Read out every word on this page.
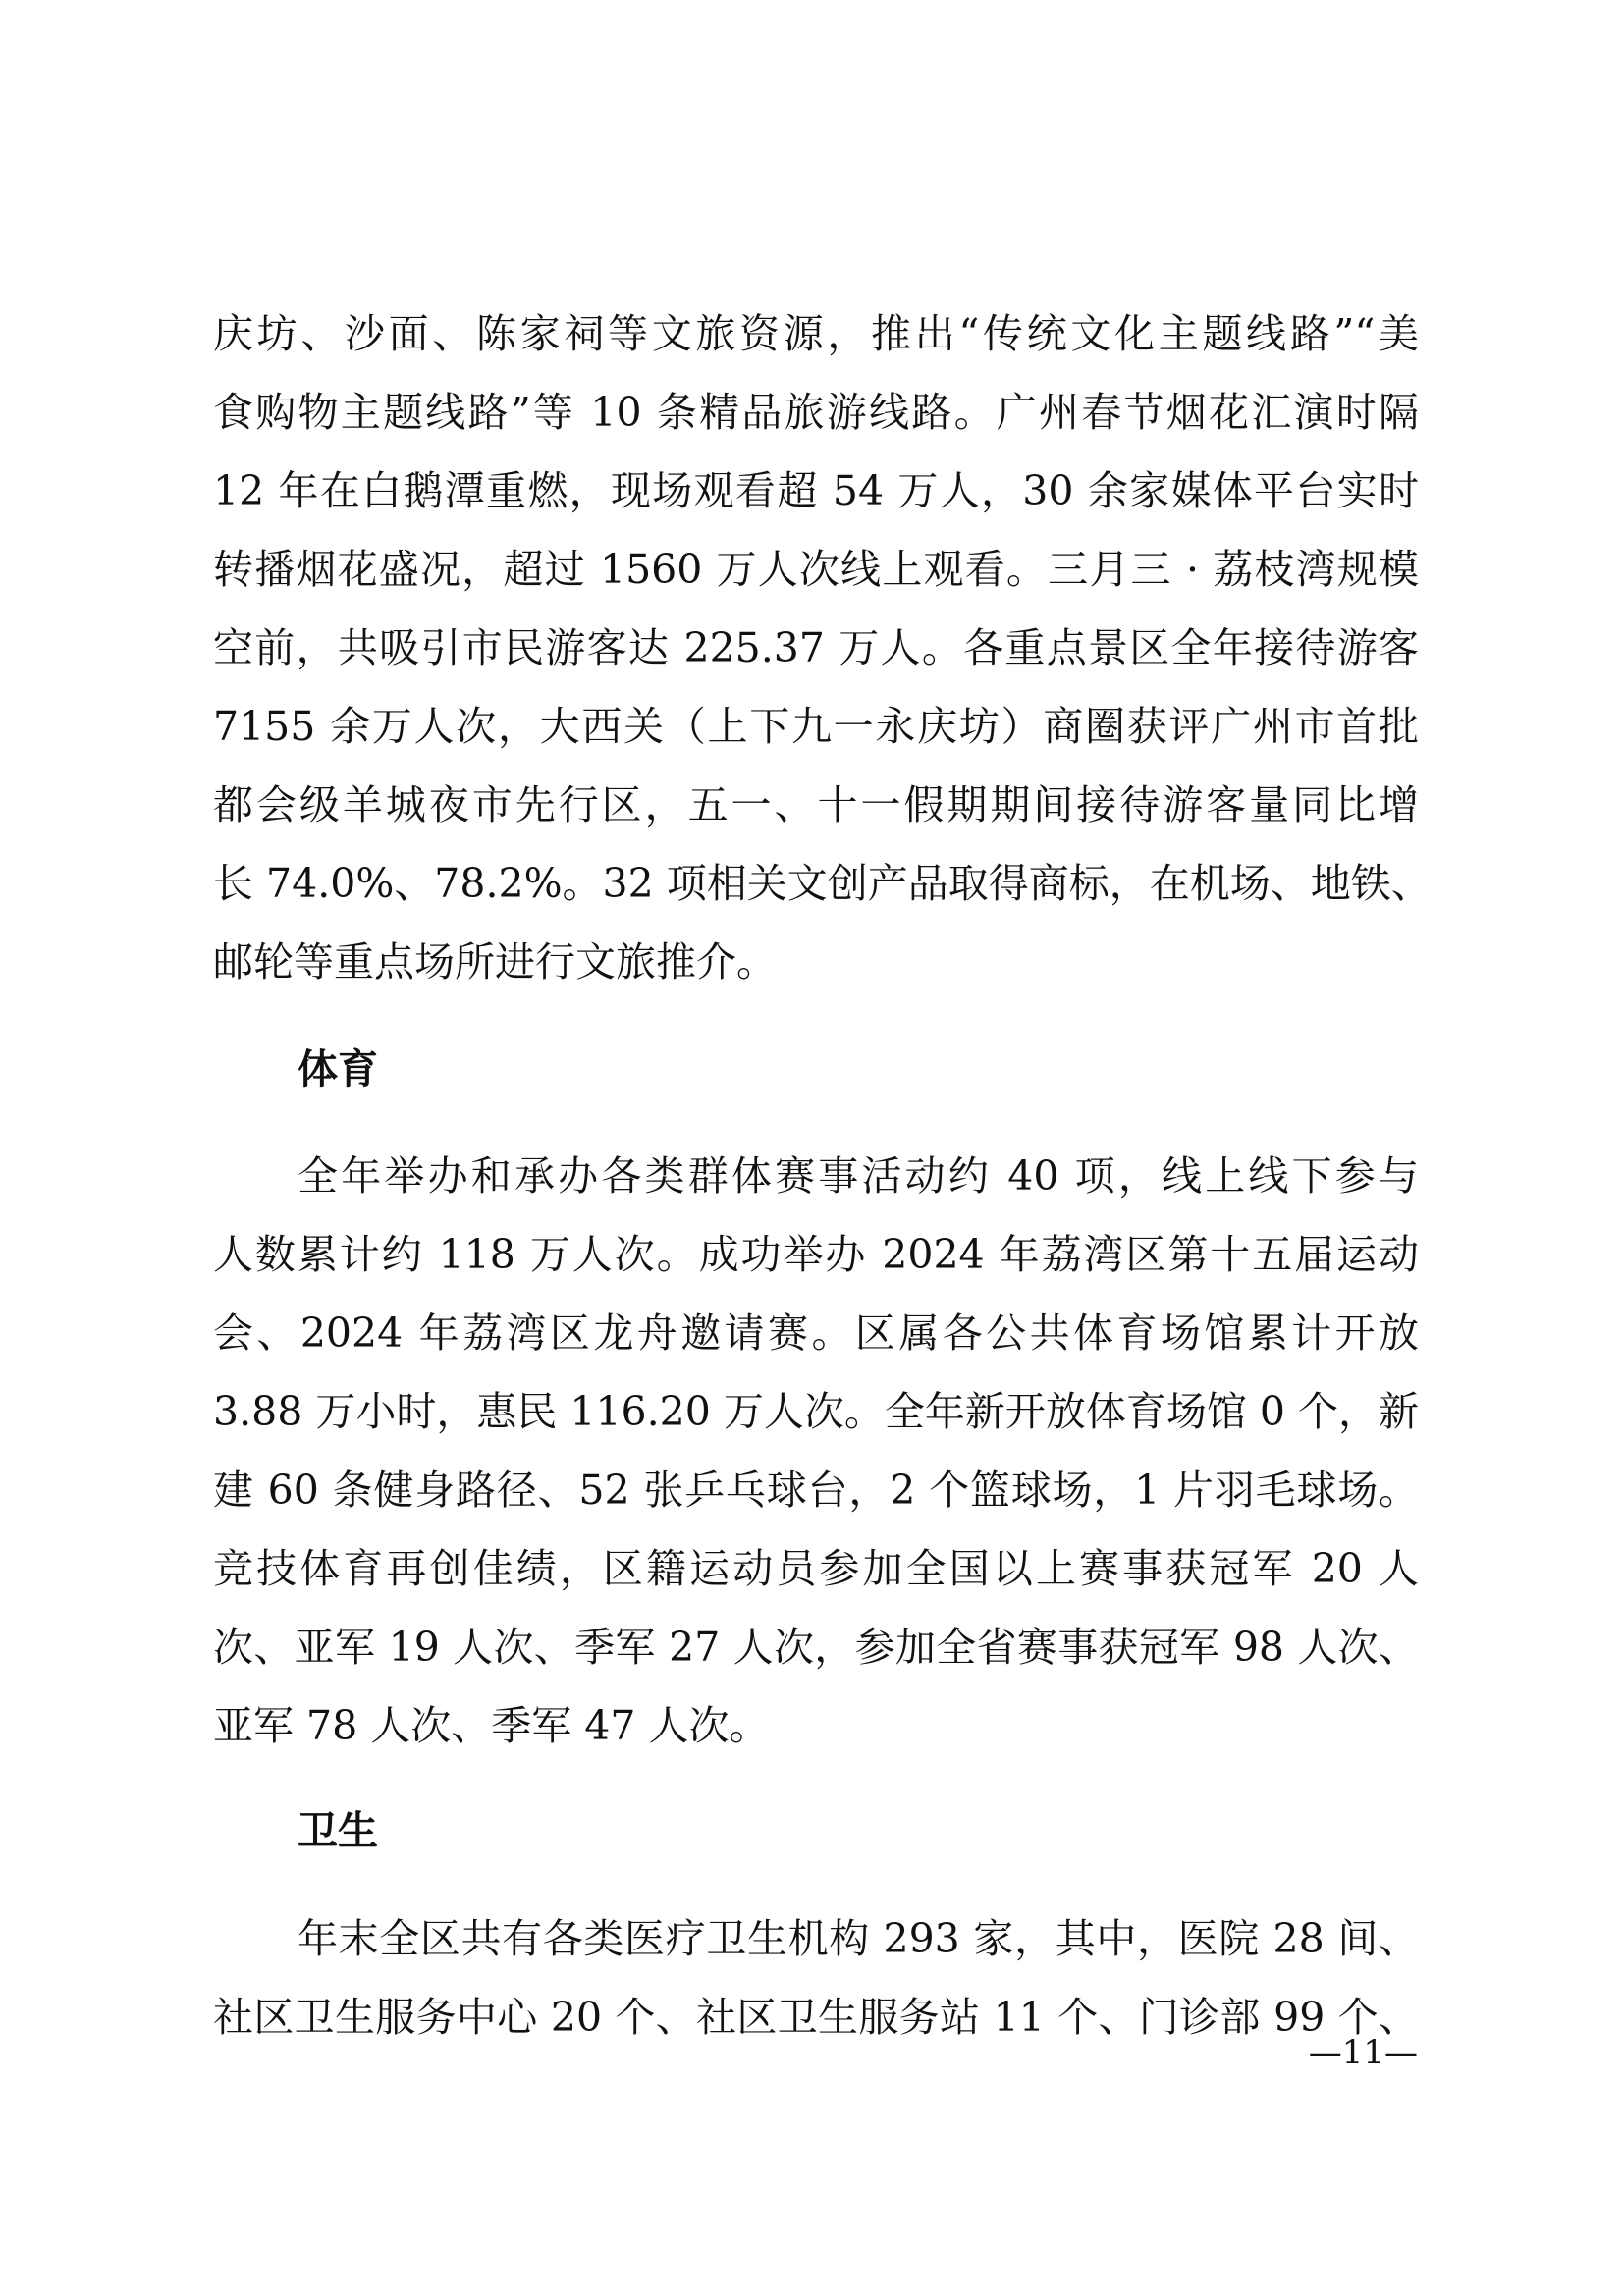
庆坊、沙面、陈家祠等文旅资源，推出“传统文化主题线路”“美

食购物主题线路”等 10 条精品旅游线路。广州春节烟花汇演时隔

12 年在白鹅潭重燃，现场观看超 54 万人，30 余家媒体平台实时

转播烟花盛况，超过 1560 万人次线上观看。三月三 · 荔枝湾规模

空前，共吸引市民游客达 225.37 万人。各重点景区全年接待游客

7155 余万人次，大西关（上下九一永庆坊）商圈获评广州市首批

都会级羊城夜市先行区，五一、十一假期期间接待游客量同比增

长 74.0%、78.2%。32 项相关文创产品取得商标，在机场、地铁、

邮轮等重点场所进行文旅推介。

体育

全年举办和承办各类群体赛事活动约 40 项，线上线下参与

人数累计约 118 万人次。成功举办 2024 年荔湾区第十五届运动

会、2024 年荔湾区龙舟邀请赛。区属各公共体育场馆累计开放

3.88 万小时，惠民 116.20 万人次。全年新开放体育场馆 0 个，新

建 60 条健身路径、52 张乒乓球台，2 个篮球场，1 片羽毛球场。

竞技体育再创佳绩，区籍运动员参加全国以上赛事获冠军 20 人

次、亚军 19 人次、季军 27 人次，参加全省赛事获冠军 98 人次、

亚军 78 人次、季军 47 人次。

卫生

年末全区共有各类医疗卫生机构 293 家，其中，医院 28 间、

社区卫生服务中心 20 个、社区卫生服务站 11 个、门诊部 99 个、

—11—
